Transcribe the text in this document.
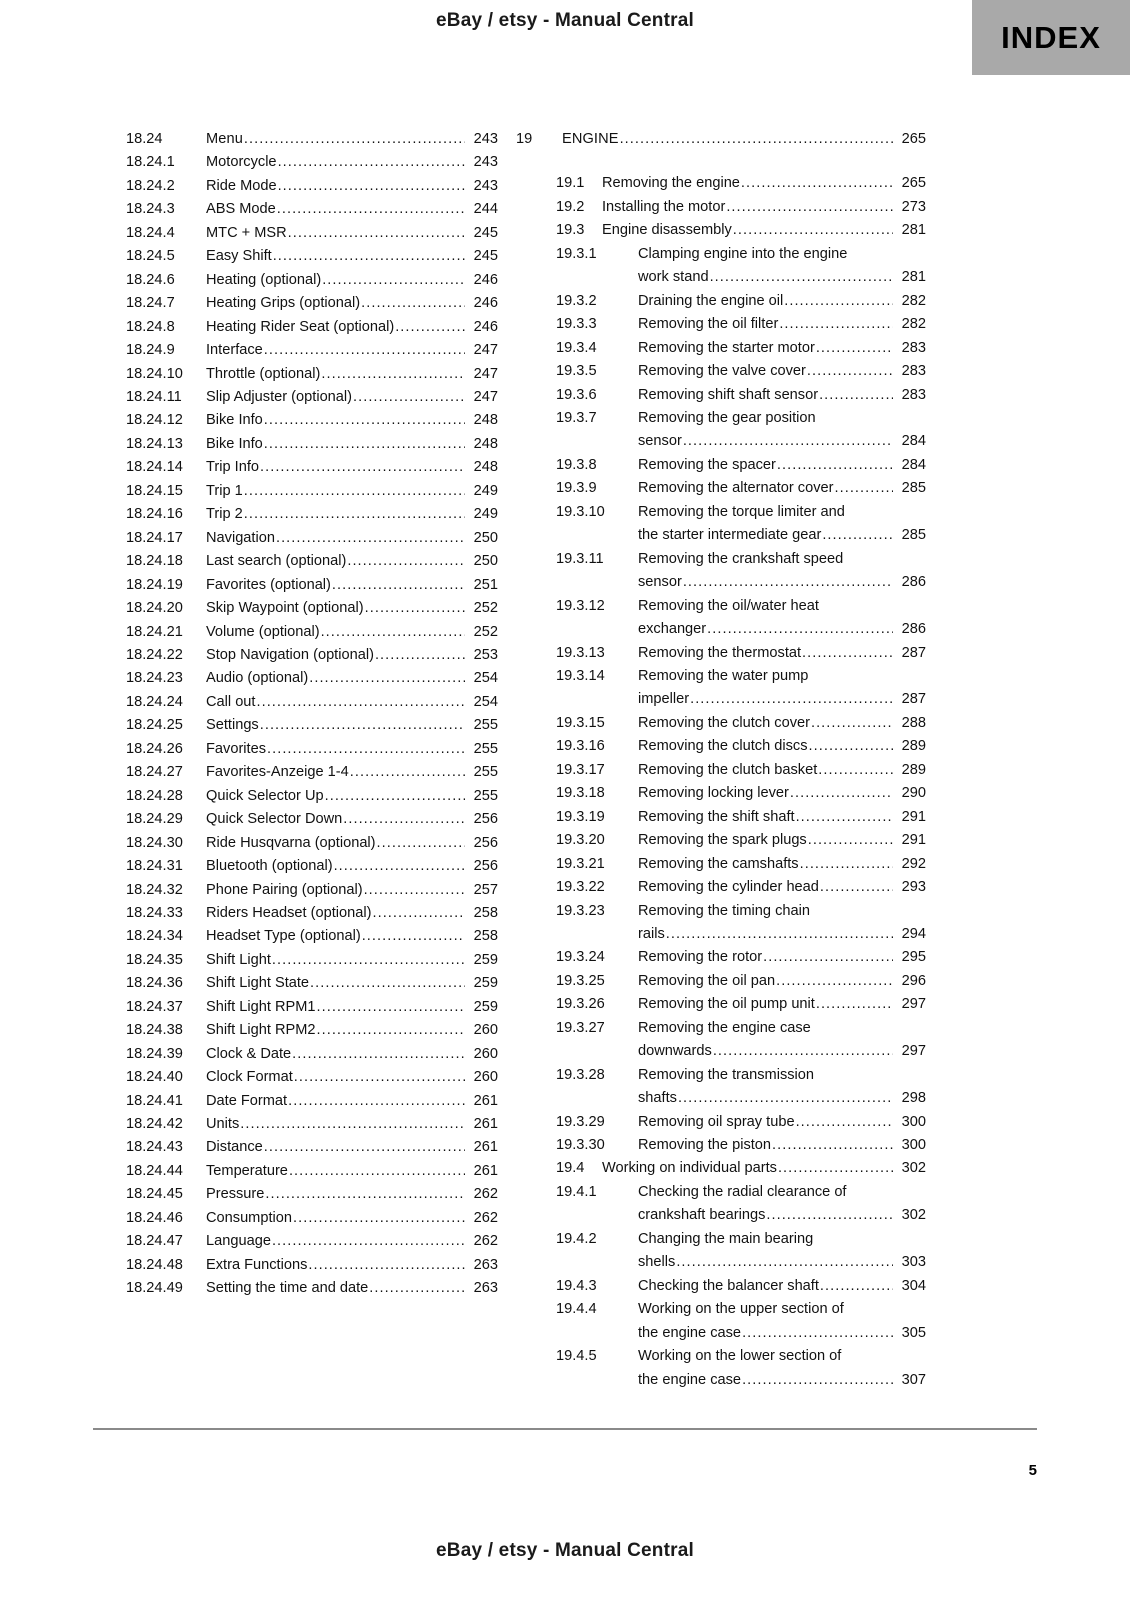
eBay / etsy - Manual Central	INDEX
18.24	Menu .....	243
18.24.1	Motorcycle .....	243
18.24.2	Ride Mode .....	243
18.24.3	ABS Mode .....	244
18.24.4	MTC + MSR .....	245
18.24.5	Easy Shift .....	245
18.24.6	Heating (optional) .....	246
18.24.7	Heating Grips (optional) .....	246
18.24.8	Heating Rider Seat (optional) .....	246
18.24.9	Interface .....	247
18.24.10	Throttle (optional) .....	247
18.24.11	Slip Adjuster (optional) .....	247
18.24.12	Bike Info .....	248
18.24.13	Bike Info .....	248
18.24.14	Trip Info .....	248
18.24.15	Trip 1 .....	249
18.24.16	Trip 2 .....	249
18.24.17	Navigation .....	250
18.24.18	Last search (optional) .....	250
18.24.19	Favorites (optional) .....	251
18.24.20	Skip Waypoint (optional) .....	252
18.24.21	Volume (optional) .....	252
18.24.22	Stop Navigation (optional) .....	253
18.24.23	Audio (optional) .....	254
18.24.24	Call out .....	254
18.24.25	Settings .....	255
18.24.26	Favorites .....	255
18.24.27	Favorites-Anzeige 1-4 .....	255
18.24.28	Quick Selector Up .....	255
18.24.29	Quick Selector Down .....	256
18.24.30	Ride Husqvarna (optional) .....	256
18.24.31	Bluetooth (optional) .....	256
18.24.32	Phone Pairing (optional) .....	257
18.24.33	Riders Headset (optional) .....	258
18.24.34	Headset Type (optional) .....	258
18.24.35	Shift Light .....	259
18.24.36	Shift Light State .....	259
18.24.37	Shift Light RPM1 .....	259
18.24.38	Shift Light RPM2 .....	260
18.24.39	Clock & Date .....	260
18.24.40	Clock Format .....	260
18.24.41	Date Format .....	261
18.24.42	Units .....	261
18.24.43	Distance .....	261
18.24.44	Temperature .....	261
18.24.45	Pressure .....	262
18.24.46	Consumption .....	262
18.24.47	Language .....	262
18.24.48	Extra Functions .....	263
18.24.49	Setting the time and date .....	263
19	ENGINE .....	265
19.1	Removing the engine .....	265
19.2	Installing the motor .....	273
19.3	Engine disassembly .....	281
19.3.1	Clamping engine into the engine
work stand .....	281
19.3.2	Draining the engine oil .....	282
19.3.3	Removing the oil filter .....	282
19.3.4	Removing the starter motor .....	283
19.3.5	Removing the valve cover .....	283
19.3.6	Removing shift shaft sensor .....	283
19.3.7	Removing the gear position
sensor .....	284
19.3.8	Removing the spacer .....	284
19.3.9	Removing the alternator cover .....	285
19.3.10	Removing the torque limiter and
the starter intermediate gear .....	285
19.3.11	Removing the crankshaft speed
sensor .....	286
19.3.12	Removing the oil/water heat
exchanger .....	286
19.3.13	Removing the thermostat .....	287
19.3.14	Removing the water pump
impeller .....	287
19.3.15	Removing the clutch cover .....	288
19.3.16	Removing the clutch discs .....	289
19.3.17	Removing the clutch basket .....	289
19.3.18	Removing locking lever .....	290
19.3.19	Removing the shift shaft .....	291
19.3.20	Removing the spark plugs .....	291
19.3.21	Removing the camshafts .....	292
19.3.22	Removing the cylinder head .....	293
19.3.23	Removing the timing chain
rails .....	294
19.3.24	Removing the rotor .....	295
19.3.25	Removing the oil pan .....	296
19.3.26	Removing the oil pump unit .....	297
19.3.27	Removing the engine case
downwards .....	297
19.3.28	Removing the transmission
shafts .....	298
19.3.29	Removing oil spray tube .....	300
19.3.30	Removing the piston .....	300
19.4	Working on individual parts .....	302
19.4.1	Checking the radial clearance of
crankshaft bearings .....	302
19.4.2	Changing the main bearing
shells .....	303
19.4.3	Checking the balancer shaft .....	304
19.4.4	Working on the upper section of
the engine case .....	305
19.4.5	Working on the lower section of
the engine case .....	307
5
eBay / etsy - Manual Central
